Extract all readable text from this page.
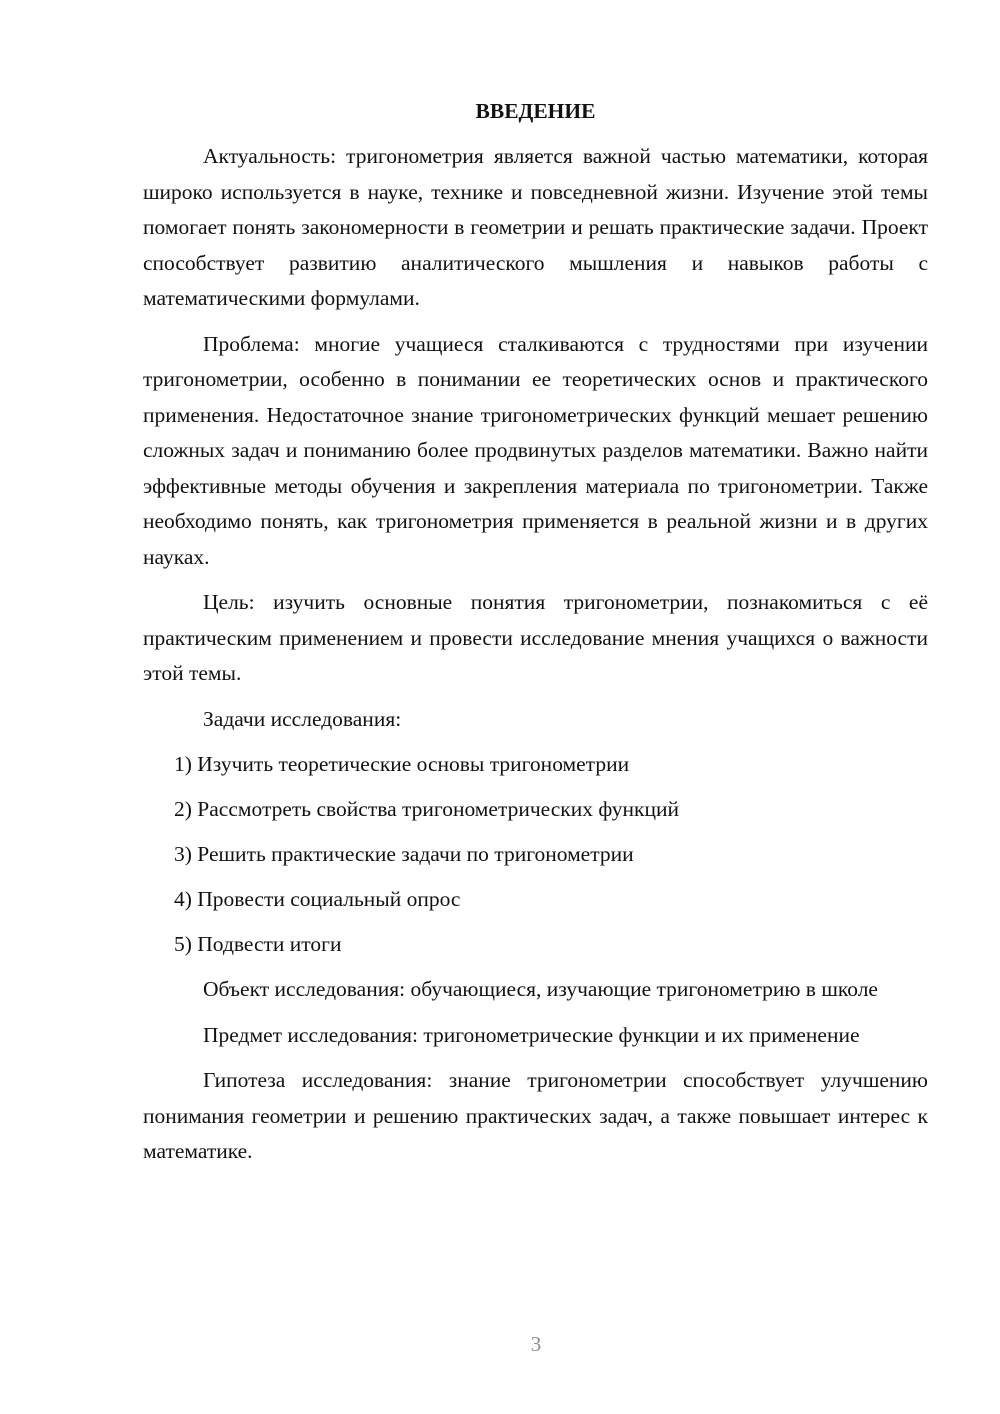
ВВЕДЕНИЕ

Актуальность: тригонометрия является важной частью математики, которая широко используется в науке, технике и повседневной жизни. Изучение этой темы помогает понять закономерности в геометрии и решать практические задачи. Проект способствует развитию аналитического мышления и навыков работы с математическими формулами.

Проблема: многие учащиеся сталкиваются с трудностями при изучении тригонометрии, особенно в понимании ее теоретических основ и практического применения. Недостаточное знание тригонометрических функций мешает решению сложных задач и пониманию более продвинутых разделов математики. Важно найти эффективные методы обучения и закрепления материала по тригонометрии. Также необходимо понять, как тригонометрия применяется в реальной жизни и в других науках.

Цель: изучить основные понятия тригонометрии, познакомиться с её практическим применением и провести исследование мнения учащихся о важности этой темы.

Задачи исследования:

1) Изучить теоретические основы тригонометрии
2) Рассмотреть свойства тригонометрических функций
3) Решить практические задачи по тригонометрии
4) Провести социальный опрос
5) Подвести итоги

Объект исследования: обучающиеся, изучающие тригонометрию в школе

Предмет исследования: тригонометрические функции и их применение

Гипотеза исследования: знание тригонометрии способствует улучшению понимания геометрии и решению практических задач, а также повышает интерес к математике.

3
